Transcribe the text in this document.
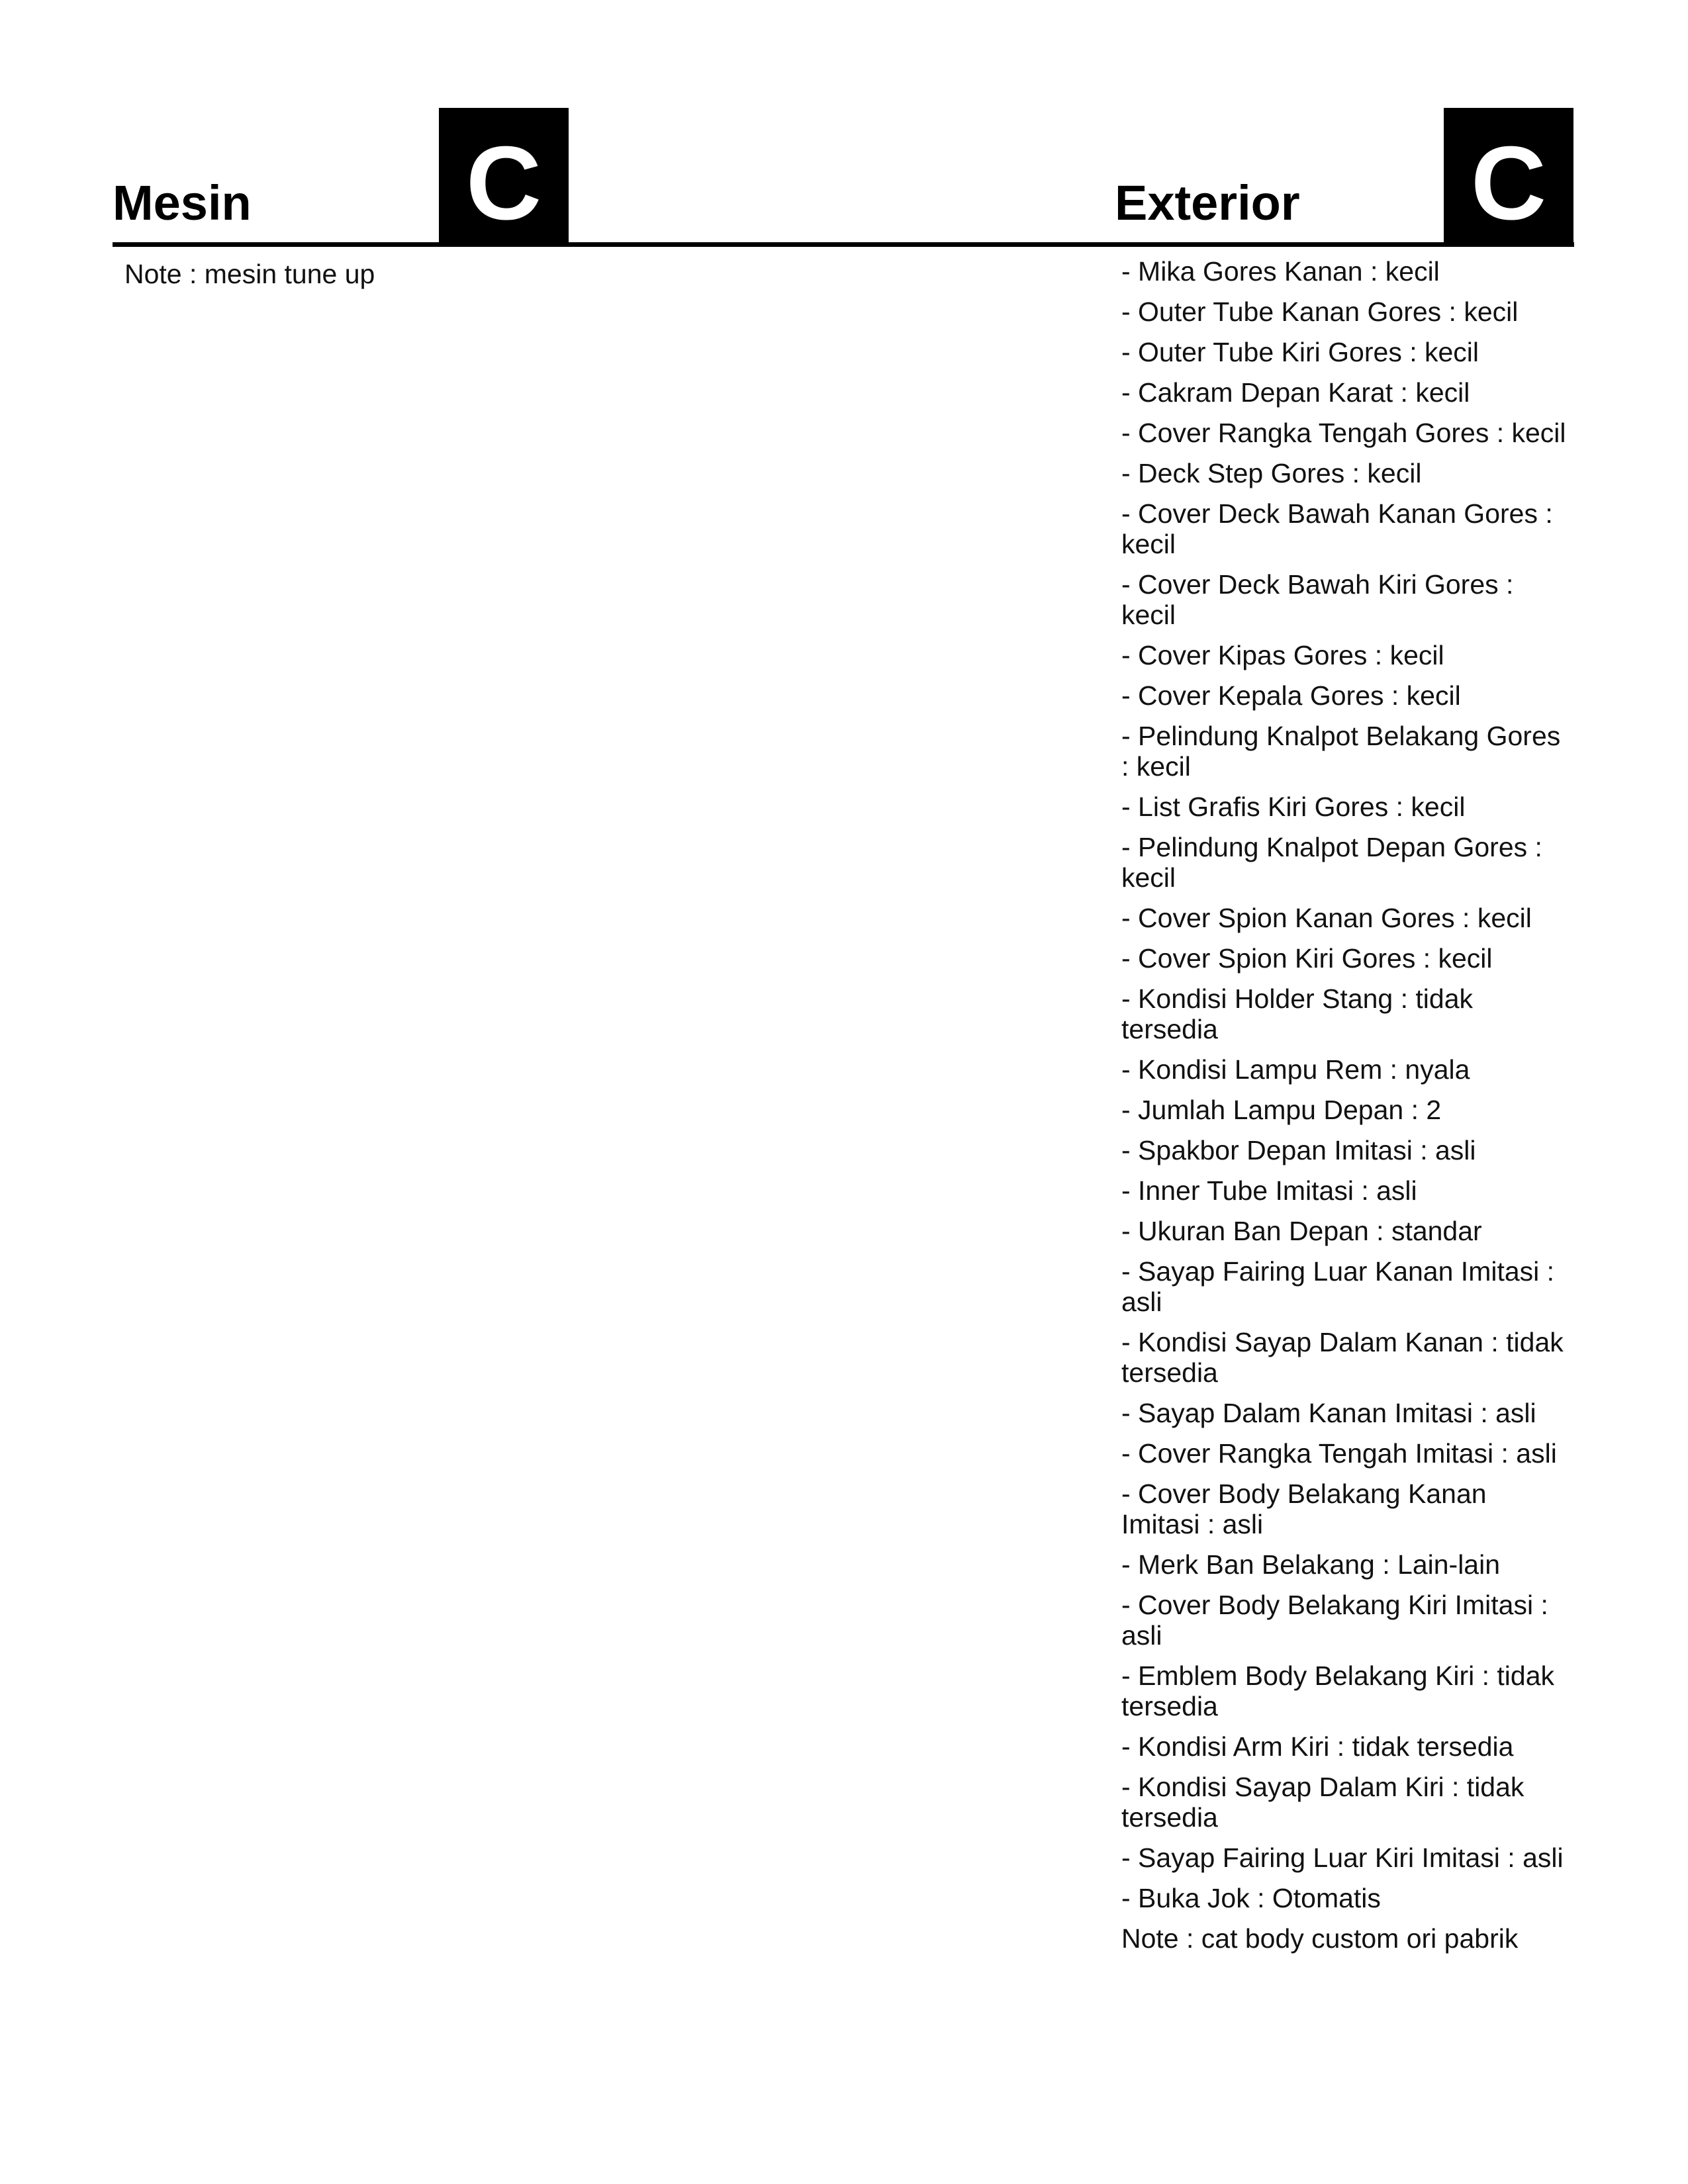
Mesin C	Exterior C
Note : mesin tune up	- Mika Gores Kanan : kecil
- Outer Tube Kanan Gores : kecil
- Outer Tube Kiri Gores : kecil
- Cakram Depan Karat : kecil
- Cover Rangka Tengah Gores : kecil
- Deck Step Gores : kecil
- Cover Deck Bawah Kanan Gores : kecil
- Cover Deck Bawah Kiri Gores : kecil
- Cover Kipas Gores : kecil
- Cover Kepala Gores : kecil
- Pelindung Knalpot Belakang Gores : kecil
- List Grafis Kiri Gores : kecil
- Pelindung Knalpot Depan Gores : kecil
- Cover Spion Kanan Gores : kecil
- Cover Spion Kiri Gores : kecil
- Kondisi Holder Stang : tidak tersedia
- Kondisi Lampu Rem : nyala
- Jumlah Lampu Depan : 2
- Spakbor Depan Imitasi : asli
- Inner Tube Imitasi : asli
- Ukuran Ban Depan : standar
- Sayap Fairing Luar Kanan Imitasi : asli
- Kondisi Sayap Dalam Kanan : tidak tersedia
- Sayap Dalam Kanan Imitasi : asli
- Cover Rangka Tengah Imitasi : asli
- Cover Body Belakang Kanan Imitasi : asli
- Merk Ban Belakang : Lain-lain
- Cover Body Belakang Kiri Imitasi : asli
- Emblem Body Belakang Kiri : tidak tersedia
- Kondisi Arm Kiri : tidak tersedia
- Kondisi Sayap Dalam Kiri : tidak tersedia
- Sayap Fairing Luar Kiri Imitasi : asli
- Buka Jok : Otomatis
Note : cat body custom ori pabrik
